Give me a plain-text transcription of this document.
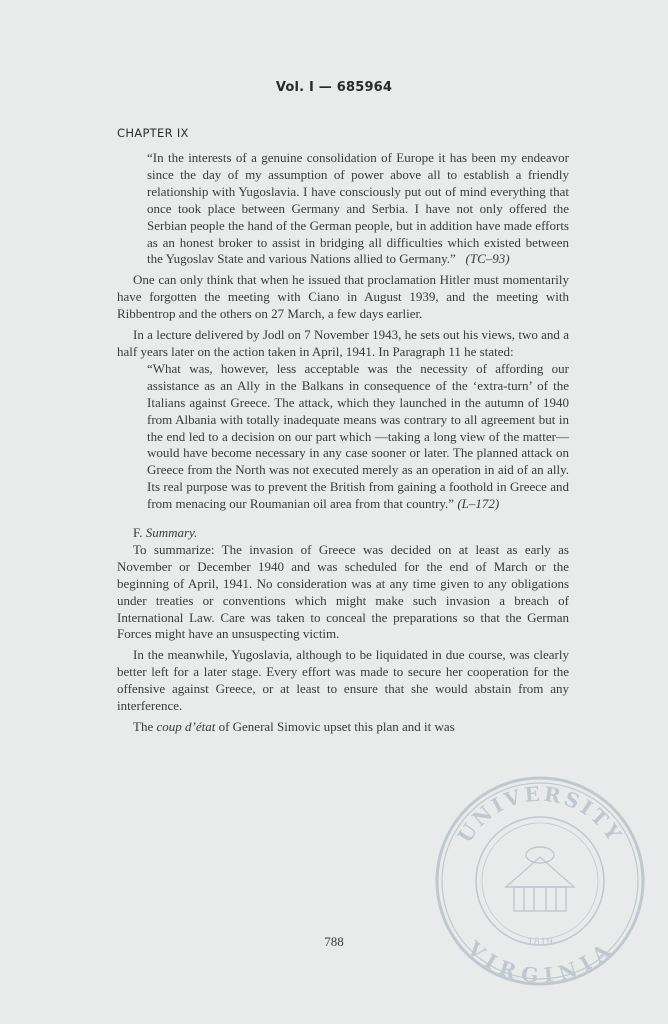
Vol. I — 685964
CHAPTER IX

“In the interests of a genuine consolidation of Europe it has been my endeavor since the day of my assumption of power above all to establish a friendly relationship with Yugoslavia. I have consciously put out of mind everything that once took place between Germany and Serbia. I have not only offered the Serbian people the hand of the German people, but in addition have made efforts as an honest broker to assist in bridging all difficulties which existed between the Yugoslav State and various Nations allied to Germany.” (TC–93)

One can only think that when he issued that proclamation Hitler must momentarily have forgotten the meeting with Ciano in August 1939, and the meeting with Ribbentrop and the others on 27 March, a few days earlier.

In a lecture delivered by Jodl on 7 November 1943, he sets out his views, two and a half years later on the action taken in April, 1941. In Paragraph 11 he stated:

“What was, however, less acceptable was the necessity of affording our assistance as an Ally in the Balkans in consequence of the ‘extra-turn’ of the Italians against Greece. The attack, which they launched in the autumn of 1940 from Albania with totally inadequate means was contrary to all agreement but in the end led to a decision on our part which —taking a long view of the matter—would have become necessary in any case sooner or later. The planned attack on Greece from the North was not executed merely as an operation in aid of an ally. Its real purpose was to prevent the British from gaining a foothold in Greece and from menacing our Roumanian oil area from that country.” (L–172)

F. Summary.

To summarize: The invasion of Greece was decided on at least as early as November or December 1940 and was scheduled for the end of March or the beginning of April, 1941. No consideration was at any time given to any obligations under treaties or conventions which might make such invasion a breach of International Law. Care was taken to conceal the preparations so that the German Forces might have an unsuspecting victim.

In the meanwhile, Yugoslavia, although to be liquidated in due course, was clearly better left for a later stage. Every effort was made to secure her cooperation for the offensive against Greece, or at least to ensure that she would abstain from any interference.

The coup d’état of General Simovic upset this plan and it was

788
UNIVERSITY
VIRGINIA
1819
